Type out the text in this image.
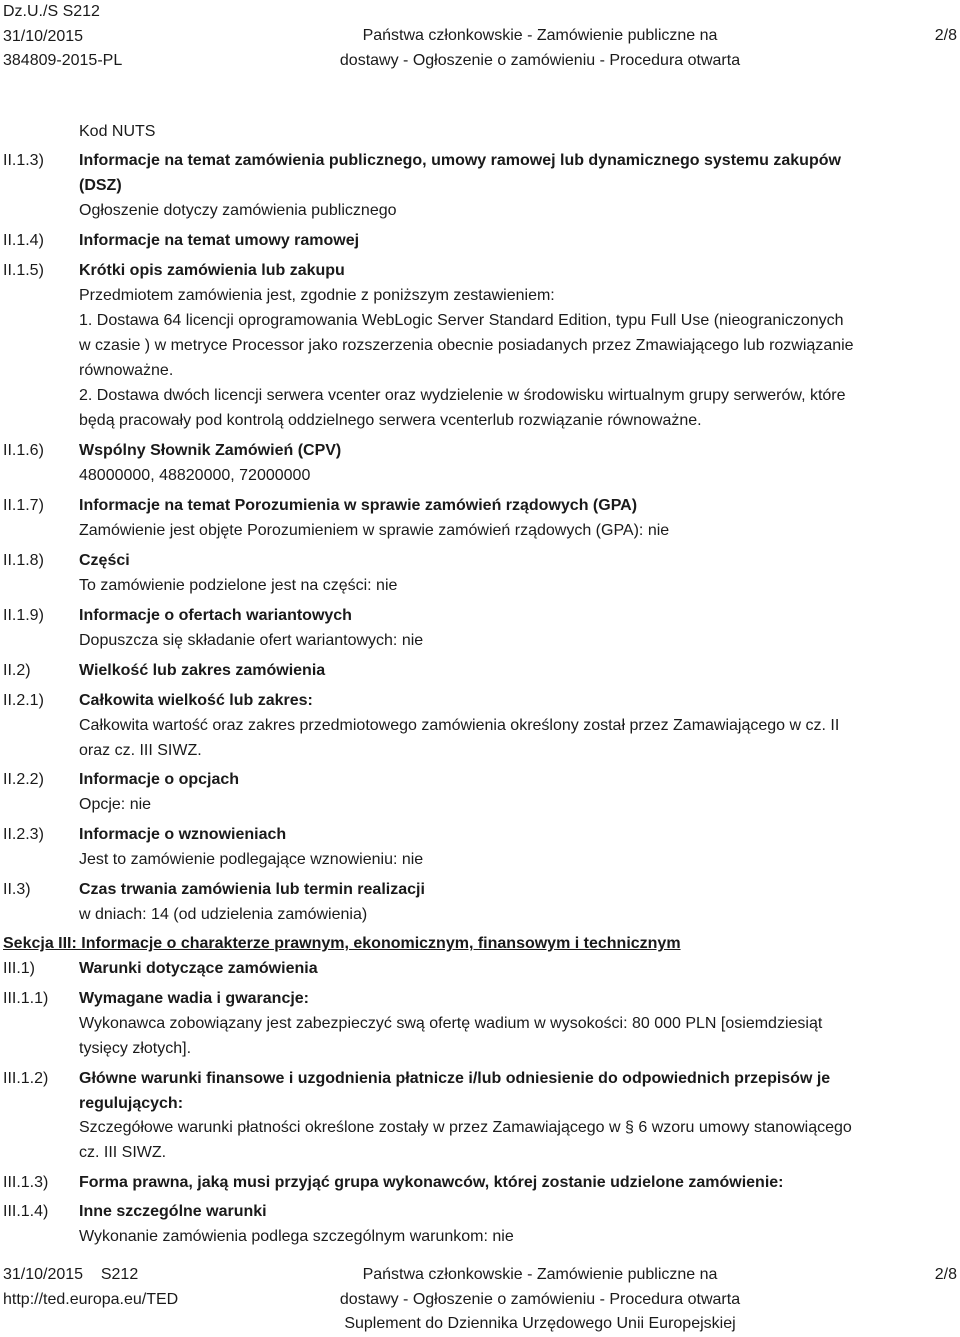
Dz.U./S S212
31/10/2015
384809-2015-PL
Państwa członkowskie - Zamówienie publiczne na
dostawy - Ogłoszenie o zamówieniu - Procedura otwarta
2/8
Kod NUTS
II.1.3) Informacje na temat zamówienia publicznego, umowy ramowej lub dynamicznego systemu zakupów
(DSZ)
Ogłoszenie dotyczy zamówienia publicznego
II.1.4) Informacje na temat umowy ramowej
II.1.5) Krótki opis zamówienia lub zakupu
Przedmiotem zamówienia jest, zgodnie z poniższym zestawieniem:
1. Dostawa 64 licencji oprogramowania WebLogic Server Standard Edition, typu Full Use (nieograniczonych
w czasie ) w metryce Processor jako rozszerzenia obecnie posiadanych przez Zmawiającego lub rozwiązanie
równoważne.
2. Dostawa dwóch licencji serwera vcenter oraz wydzielenie w środowisku wirtualnym grupy serwerów, które
będą pracowały pod kontrolą oddzielnego serwera vcenterlub rozwiązanie równoważne.
II.1.6) Wspólny Słownik Zamówień (CPV)
48000000, 48820000, 72000000
II.1.7) Informacje na temat Porozumienia w sprawie zamówień rządowych (GPA)
Zamówienie jest objęte Porozumieniem w sprawie zamówień rządowych (GPA): nie
II.1.8) Części
To zamówienie podzielone jest na części: nie
II.1.9) Informacje o ofertach wariantowych
Dopuszcza się składanie ofert wariantowych: nie
II.2)	Wielkość lub zakres zamówienia
II.2.1) Całkowita wielkość lub zakres:
Całkowita wartość oraz zakres przedmiotowego zamówienia określony został przez Zamawiającego w cz. II
oraz cz. III SIWZ.
II.2.2) Informacje o opcjach
Opcje: nie
II.2.3) Informacje o wznowieniach
Jest to zamówienie podlegające wznowieniu: nie
II.3)	Czas trwania zamówienia lub termin realizacji
w dniach: 14 (od udzielenia zamówienia)
Sekcja III: Informacje o charakterze prawnym, ekonomicznym, finansowym i technicznym
III.1)	Warunki dotyczące zamówienia
III.1.1) Wymagane wadia i gwarancje:
Wykonawca zobowiązany jest zabezpieczyć swą ofertę wadium w wysokości: 80 000 PLN [osiemdziesiąt
tysięcy złotych].
III.1.2) Główne warunki finansowe i uzgodnienia płatnicze i/lub odniesienie do odpowiednich przepisów je
regulujących:
Szczegółowe warunki płatności określone zostały w przez Zamawiającego w § 6 wzoru umowy stanowiącego
cz. III SIWZ.
III.1.3) Forma prawna, jaką musi przyjąć grupa wykonawców, której zostanie udzielone zamówienie:
III.1.4) Inne szczególne warunki
Wykonanie zamówienia podlega szczególnym warunkom: nie
31/10/2015 S212
http://ted.europa.eu/TED
Państwa członkowskie - Zamówienie publiczne na
dostawy - Ogłoszenie o zamówieniu - Procedura otwarta
Suplement do Dziennika Urzędowego Unii Europejskiej
2/8
